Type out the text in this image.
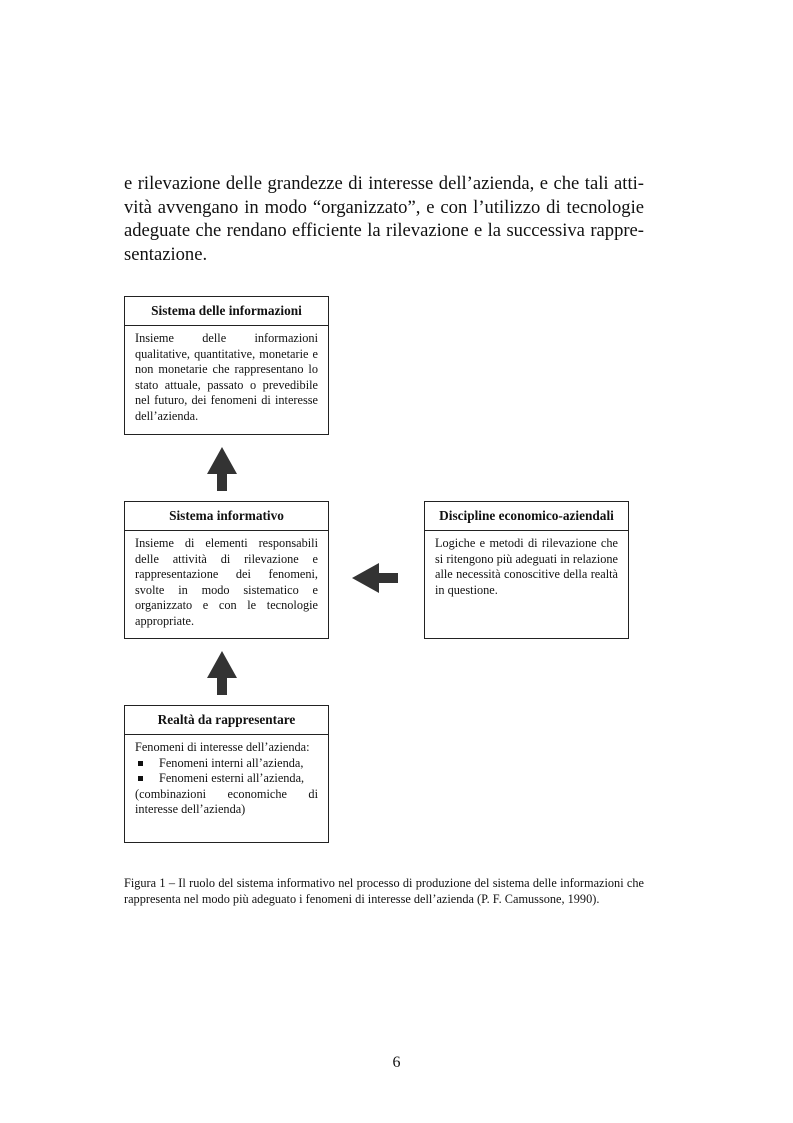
e rilevazione delle grandezze di interesse dell’azienda, e che tali atti-
vità avvengano in modo “organizzato”, e con l’utilizzo di tecnologie
adeguate che rendano efficiente la rilevazione e la successiva rappre-
sentazione.

Sistema delle informazioni
Insieme delle informazioni qualitative, quantitative, monetarie e non monetarie che rappresentano lo stato attuale, passato o prevedibile nel futuro, dei fenomeni di interesse dell’azienda.
Sistema informativo
Insieme di elementi responsabili delle attività di rilevazione e rappresentazione dei fenomeni, svolte in modo sistematico e organizzato e con le tecnologie appropriate.
Discipline economico-aziendali
Logiche e metodi di rilevazione che si ritengono più adeguati in relazione alle necessità conoscitive della realtà in questione.
Realtà da rappresentare
Fenomeni di interesse dell’azienda:
Fenomeni interni all’azienda,
Fenomeni esterni all’azienda,
(combinazioni economiche di interesse dell’azienda)

Figura 1 – Il ruolo del sistema informativo nel processo di produzione del sistema delle informazioni che rappresenta nel modo più adeguato i fenomeni di interesse dell’azienda (P. F. Camussone, 1990).

6
